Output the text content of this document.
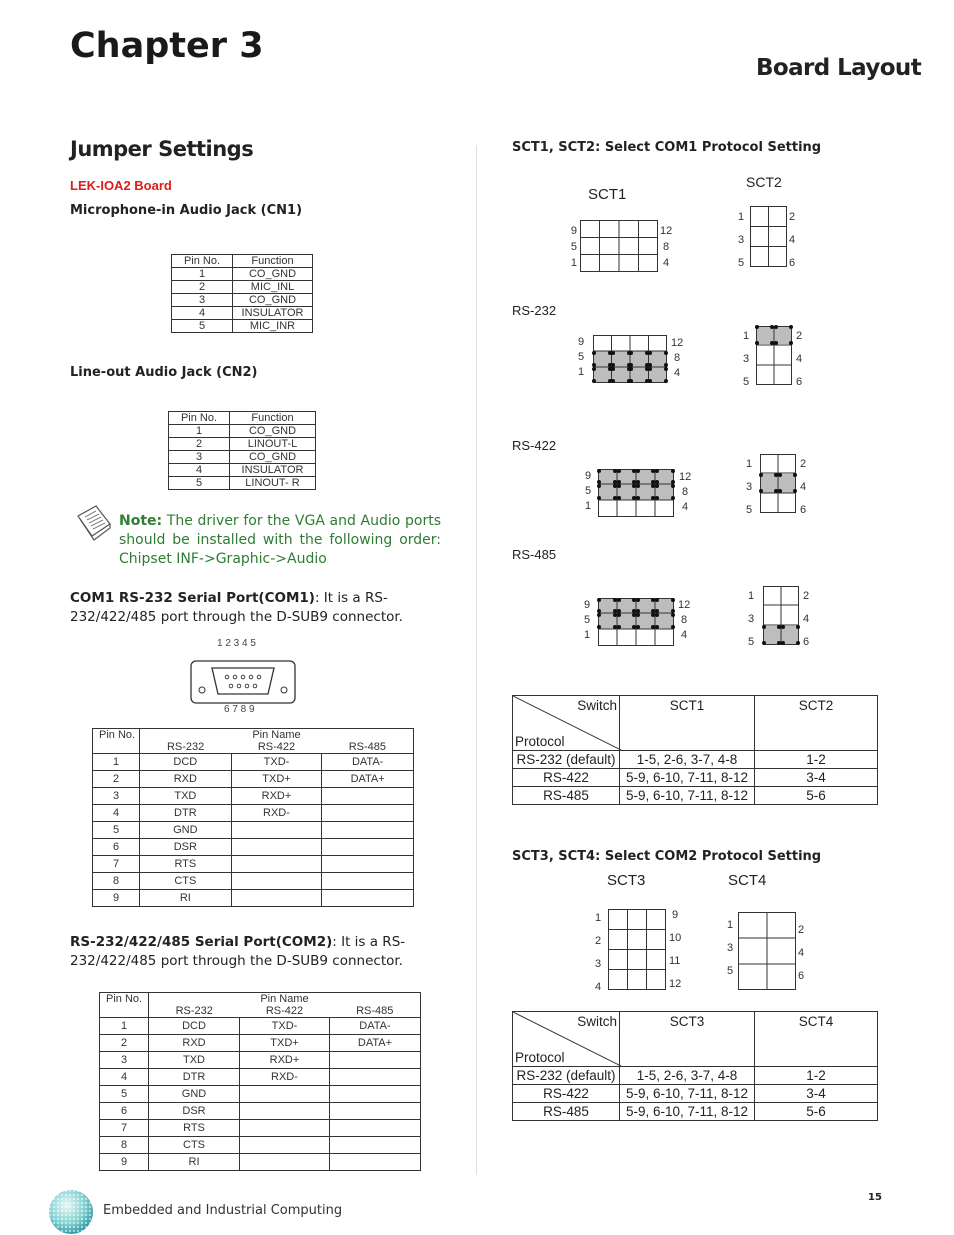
Chapter 3
Board Layout
Jumper Settings
LEK-IOA2 Board
Microphone-in Audio Jack (CN1)
Pin No.	Function
1	CO_GND
2	MIC_INL
3	CO_GND
4	INSULATOR
5	MIC_INR
Line-out Audio Jack (CN2)
Pin No.	Function
1	CO_GND
2	LINOUT-L
3	CO_GND
4	INSULATOR
5	LINOUT- R
Note: The driver for the VGA and Audio ports should be installed with the following order: Chipset INF->Graphic->Audio
COM1 RS-232 Serial Port(COM1): It is a RS-232/422/485 port through the D-SUB9 connector.
1 2 3 4 5
6 7 8 9
Pin No.	Pin Name		
	RS-232	RS-422	RS-485
1	DCD	TXD-	DATA-
2	RXD	TXD+	DATA+
3	TXD	RXD+	
4	DTR	RXD-	
5	GND		
6	DSR		
7	RTS		
8	CTS		
9	RI		
RS-232/422/485 Serial Port(COM2): It is a RS-232/422/485 port through the D-SUB9 connector.
Pin No.	Pin Name		
	RS-232	RS-422	RS-485
1	DCD	TXD-	DATA-
2	RXD	TXD+	DATA+
3	TXD	RXD+	
4	DTR	RXD-	
5	GND		
6	DSR		
7	RTS		
8	CTS		
9	RI		
SCT1, SCT2: Select COM1 Protocol Setting
SCT1
SCT2
9
5
1
12
8
4
1
3
5
2
4
6
RS-232
9
5
1
12
8
4
1
3
5
2
4
6
RS-422
9
5
1
12
8
4
1
3
5
2
4
6
RS-485
9
5
1
12
8
4
1
3
5
2
4
6
Switch
Protocol	SCT1	SCT2
RS-232 (default)	1-5, 2-6, 3-7, 4-8	1-2
RS-422	5-9, 6-10, 7-11, 8-12	3-4
RS-485	5-9, 6-10, 7-11, 8-12	5-6
SCT3, SCT4: Select COM2 Protocol Setting
SCT3	SCT4
1
2
3
4
9
10
11
12
1
3
5
2
4
6
Switch
Protocol	SCT3	SCT4
RS-232 (default)	1-5, 2-6, 3-7, 4-8	1-2
RS-422	5-9, 6-10, 7-11, 8-12	3-4
RS-485	5-9, 6-10, 7-11, 8-12	5-6
Embedded and Industrial Computing
15
